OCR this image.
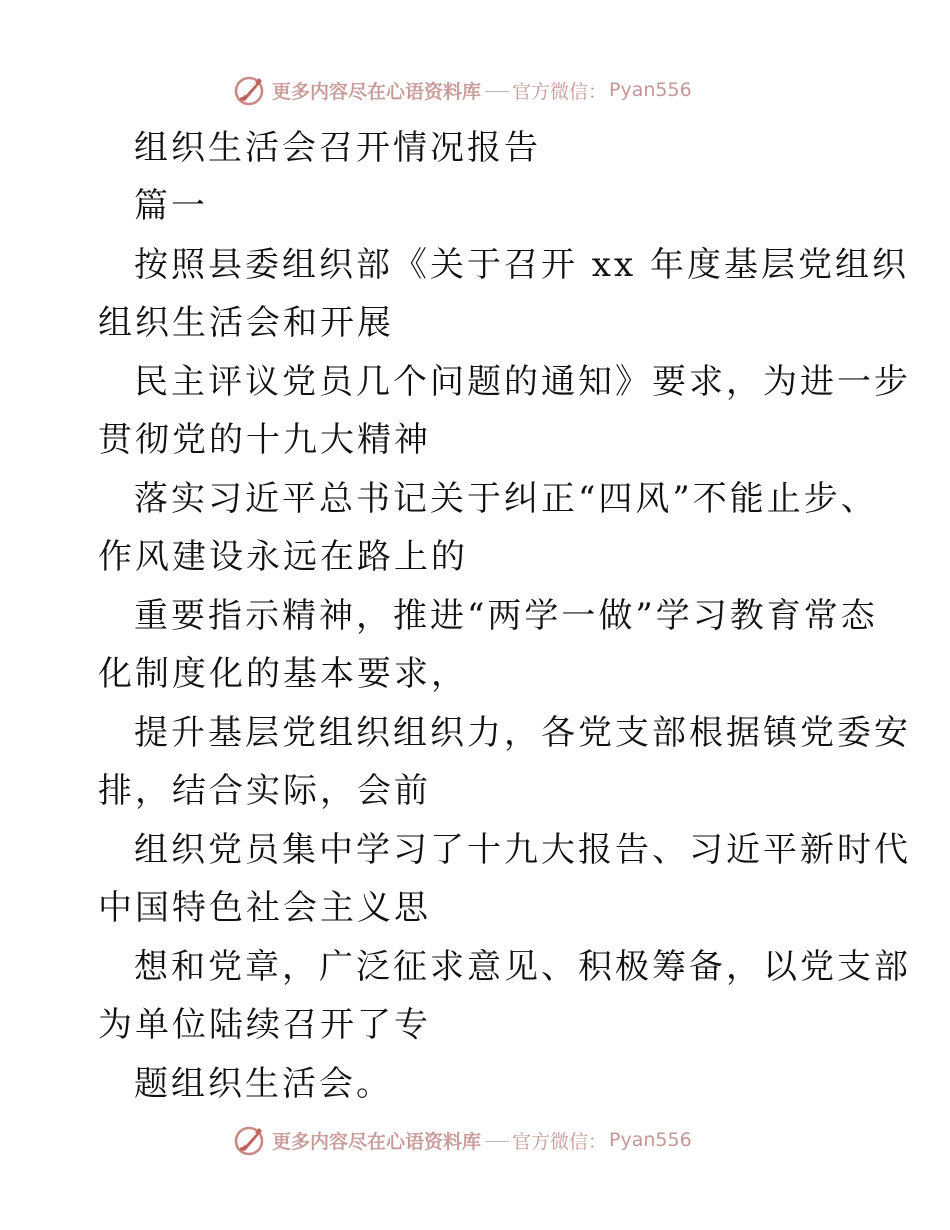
更多内容尽在心语资料库 官方微信： Pyan556
组织生活会召开情况报告
篇一
按照县委组织部《关于召开 xx 年度基层党组织
组织生活会和开展
民主评议党员几个问题的通知》要求，为进一步
贯彻党的十九大精神
落实习近平总书记关于纠正“四风”不能止步、
作风建设永远在路上的
重要指示精神，推进“两学一做”学习教育常态
化制度化的基本要求，
提升基层党组织组织力，各党支部根据镇党委安
排，结合实际，会前
组织党员集中学习了十九大报告、习近平新时代
中国特色社会主义思
想和党章，广泛征求意见、积极筹备，以党支部
为单位陆续召开了专
题组织生活会。
更多内容尽在心语资料库 官方微信： Pyan556
